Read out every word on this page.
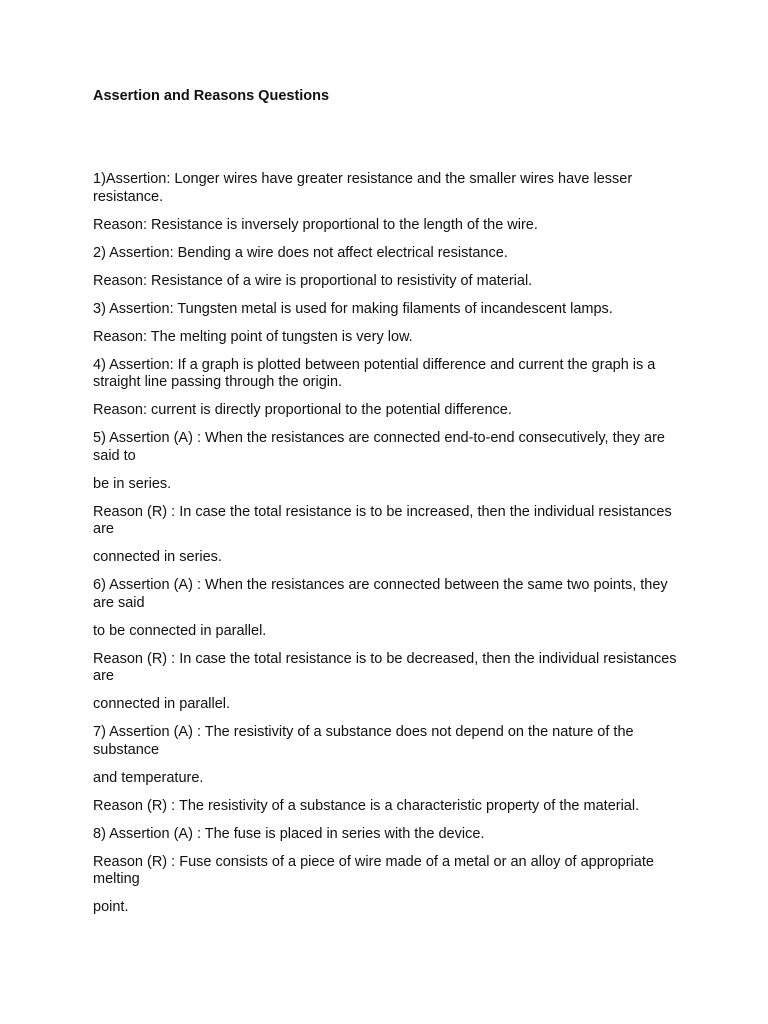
Assertion and Reasons Questions

1)Assertion: Longer wires have greater resistance and the smaller wires have lesser resistance.

Reason: Resistance is inversely proportional to the length of the wire.

2) Assertion: Bending a wire does not affect electrical resistance.

Reason: Resistance of a wire is proportional to resistivity of material.

3) Assertion: Tungsten metal is used for making filaments of incandescent lamps.

Reason: The melting point of tungsten is very low.

4) Assertion: If a graph is plotted between potential difference and current the graph is a straight line passing through the origin.

Reason: current is directly proportional to the potential difference.

5) Assertion (A) : When the resistances are connected end-to-end consecutively, they are said to

be in series.

Reason (R) : In case the total resistance is to be increased, then the individual resistances are

connected in series.

6) Assertion (A) : When the resistances are connected between the same two points, they are said

to be connected in parallel.

Reason (R) : In case the total resistance is to be decreased, then the individual resistances are

connected in parallel.

7) Assertion (A) : The resistivity of a substance does not depend on the nature of the substance

and temperature.

Reason (R) : The resistivity of a substance is a characteristic property of the material.

8) Assertion (A) : The fuse is placed in series with the device.

Reason (R) : Fuse consists of a piece of wire made of a metal or an alloy of appropriate melting

point.
